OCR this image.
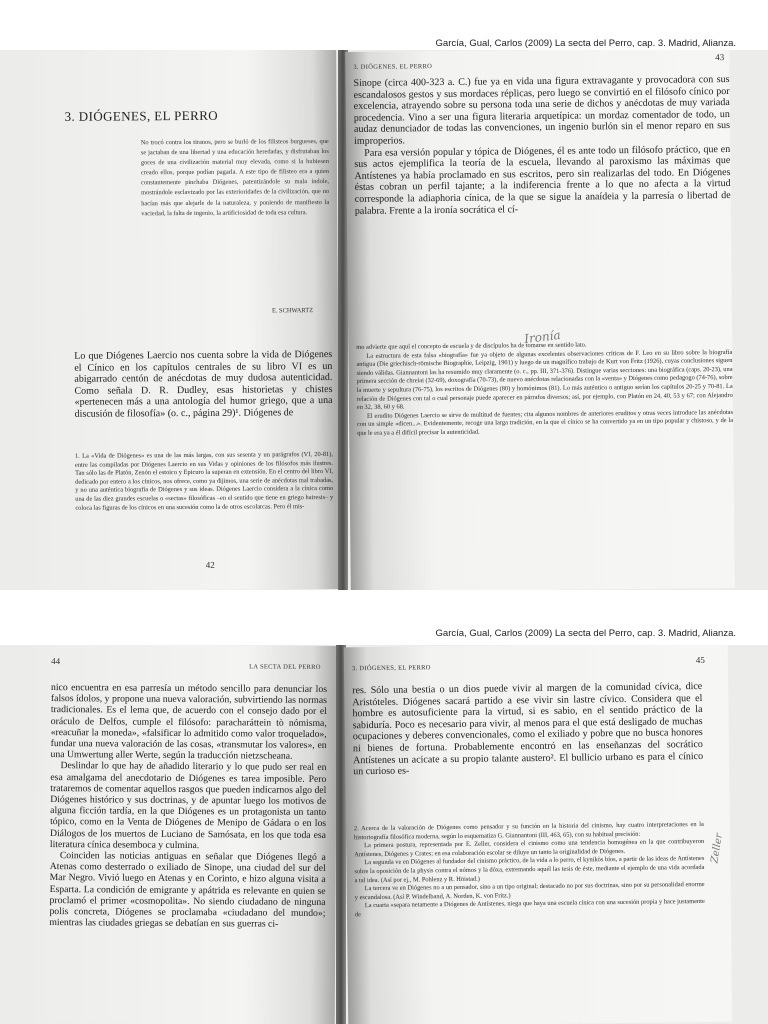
García, Gual, Carlos (2009) La secta del Perro, cap. 3. Madrid, Alianza.
3. DIÓGENES, EL PERRO
No trocó contra los tiranos, pero se burló de los filisteos burgueses, que se jactaban de una libertad y una educación heredadas, y disfrutaban los goces de una civilización material muy elevada, como si la hubiesen creado ellos, porque podían pagarla. A este tipo de filisteo era a quien constantemente pinchaba Diógenes, patentizándole su mala índole, mostrándole esclavizado por las exterioridades de la civilización, que no hacían más que alejarle de la naturaleza, y poniendo de manifiesto la vaciedad, la falta de ingenio, la artificiosidad de toda esa cultura.
E. SCHWARTZ

Lo que Diógenes Laercio nos cuenta sobre la vida de Diógenes el Cínico en los capítulos centrales de su libro VI es un abigarrado centón de anécdotas de muy dudosa autenticidad. Como señala D. R. Dudley, esas historietas y chistes «pertenecen más a una antología del humor griego, que a una discusión de filosofía» (o. c., página 29)¹. Diógenes de

1. La «Vida de Diógenes» es una de las más largas, con sus sesenta y un parágrafos (VI, 20-81), entre las compiladas por Diógenes Laercio en sus Vidas y opiniones de los filósofos más ilustres. Tan sólo las de Platón, Zenón el estoico y Epicuro la superan en extensión. En el centro del libro VI, dedicado por entero a los cínicos, nos ofrece, como ya dijimos, una serie de anécdotas mal trabadas, y no una auténtica biografía de Diógenes y sus ideas. Diógenes Laercio considera a la cínica como una de las diez grandes escuelas o «sectas» filosóficas –en el sentido que tiene en griego hairesis– y coloca las figuras de los cínicos en una sucesión como la de otros escolarcas. Pero él mis-

42
3. DIÓGENES, EL PERRO
43

Sinope (circa 400-323 a. C.) fue ya en vida una figura extravagante y provocadora con sus escandalosos gestos y sus mordaces réplicas, pero luego se convirtió en el filósofo cínico por excelencia, atrayendo sobre su persona toda una serie de dichos y anécdotas de muy variada procedencia. Vino a ser una figura literaria arquetípica: un mordaz comentador de todo, un audaz denunciador de todas las convenciones, un ingenio burlón sin el menor reparo en sus improperios.

Para esa versión popular y tópica de Diógenes, él es ante todo un filósofo práctico, que en sus actos ejemplifica la teoría de la escuela, llevando al paroxismo las máximas que Antístenes ya había proclamado en sus escritos, pero sin realizarlas del todo. En Diógenes éstas cobran un perfil tajante; a la indiferencia frente a lo que no afecta a la virtud corresponde la adiaphoria cínica, de la que se sigue la anaídeia y la parresía o libertad de palabra. Frente a la ironía socrática el cí-

Ironía

mo advierte que aquí el concepto de escuela y de discípulos ha de tomarse en sentido lato.

La estructura de esta falsa «biografía» fue ya objeto de algunas excelentes observaciones críticas de F. Leo en su libro sobre la biografía antigua (Die griechisch-römische Biographie, Leipzig, 1901) y luego de un magnífico trabajo de Kurt von Fritz (1926), cuyas conclusiones siguen siendo válidas. Giannantoni las ha resumido muy claramente (o. c., pp. III, 371-376). Distingue varias secciones: una biográfica (caps. 20-23), una primera sección de chreíai (32-69), doxografía (70-73), de nuevo anécdotas relacionadas con la «venta» y Diógenes como pedagogo (74-76), sobre la muerte y sepultura (76-75), los escritos de Diógenes (80) y homónimos (81). Lo más auténtico o antiguo serían los capítulos 20-25 y 70-81. La relación de Diógenes con tal o cual personaje puede aparecer en párrafos diversos; así, por ejemplo, con Platón en 24, 40, 53 y 67; con Alejandro en 32, 38, 60 y 68.

El erudito Diógenes Laercio se sirve de multitud de fuentes; cita algunos nombres de anteriores eruditos y otras veces introduce las anécdotas con un simple «dicen...». Evidentemente, recoge una larga tradición, en la que el cínico se ha convertido ya en un tipo popular y chistoso, y de la que le era ya a él difícil precisar la autenticidad.

García, Gual, Carlos (2009) La secta del Perro, cap. 3. Madrid, Alianza.
44
LA SECTA DEL PERRO

nico encuentra en esa parresía un método sencillo para denunciar los falsos ídolos, y propone una nueva valoración, subvirtiendo las normas tradicionales. Es el lema que, de acuerdo con el consejo dado por el oráculo de Delfos, cumple el filósofo: paracharáttein tò nómisma, «reacuñar la moneda», «falsificar lo admitido como valor troquelado», fundar una nueva valoración de las cosas, «transmutar los valores», en una Umwertung aller Werte, según la traducción nietzscheana.

Deslindar lo que hay de añadido literario y lo que pudo ser real en esa amalgama del anecdotario de Diógenes es tarea imposible. Pero trataremos de comentar aquellos rasgos que pueden indicarnos algo del Diógenes histórico y sus doctrinas, y de apuntar luego los motivos de alguna ficción tardía, en la que Diógenes es un protagonista un tanto tópico, como en la Venta de Diógenes de Menipo de Gádara o en los Diálogos de los muertos de Luciano de Samósata, en los que toda esa literatura cínica desemboca y culmina.

Coinciden las noticias antiguas en señalar que Diógenes llegó a Atenas como desterrado o exiliado de Sinope, una ciudad del sur del Mar Negro. Vivió luego en Atenas y en Corinto, e hizo alguna visita a Esparta. La condición de emigrante y apátrida es relevante en quien se proclamó el primer «cosmopolita». No siendo ciudadano de ninguna polis concreta, Diógenes se proclamaba «ciudadano del mundo»; mientras las ciudades griegas se debatían en sus guerras ci-

3. DIÓGENES, EL PERRO
45

res. Sólo una bestia o un dios puede vivir al margen de la comunidad cívica, dice Aristóteles. Diógenes sacará partido a ese vivir sin lastre cívico. Considera que el hombre es autosuficiente para la virtud, si es sabio, en el sentido práctico de la sabiduría. Poco es necesario para vivir, al menos para el que está desligado de muchas ocupaciones y deberes convencionales, como el exiliado y pobre que no busca honores ni bienes de fortuna. Probablemente encontró en las enseñanzas del socrático Antístenes un acicate a su propio talante austero². El bullicio urbano es para el cínico un curioso es-

2. Acerca de la valoración de Diógenes como pensador y su función en la historia del cinismo, hay cuatro interpretaciones en la historiografía filosófica moderna, según lo esquematiza G. Giannantoni (III, 463, 65), con su habitual precisión:

La primera postura, representada por E. Zeller, considera el cinismo como una tendencia homogénea en la que contribuyeron Antístenes, Diógenes y Crates; en esa colaboración escolar se diluye un tanto la originalidad de Diógenes.

La segunda ve en Diógenes al fundador del cinismo práctico, de la vida a lo perro, el kynikòs bíos, a partir de las ideas de Antístenes sobre la oposición de la physis contra el nómos y la dóxa, extremando aquél las tesis de éste, mediante el ejemplo de una vida acordada a tal idea. (Así por ej., M. Pohlenz y R. Höistad.)

La tercera ve en Diógenes no a un pensador, sino a un tipo original; destacado no por sus doctrinas, sino por su personalidad enorme y escandalosa. (Así P. Windelband, A. Norden, K. von Fritz.)

La cuarta «separa netamente a Diógenes de Antístenes, niega que haya una escuela cínica con una sucesión propia y hace justamente de

Zeller
